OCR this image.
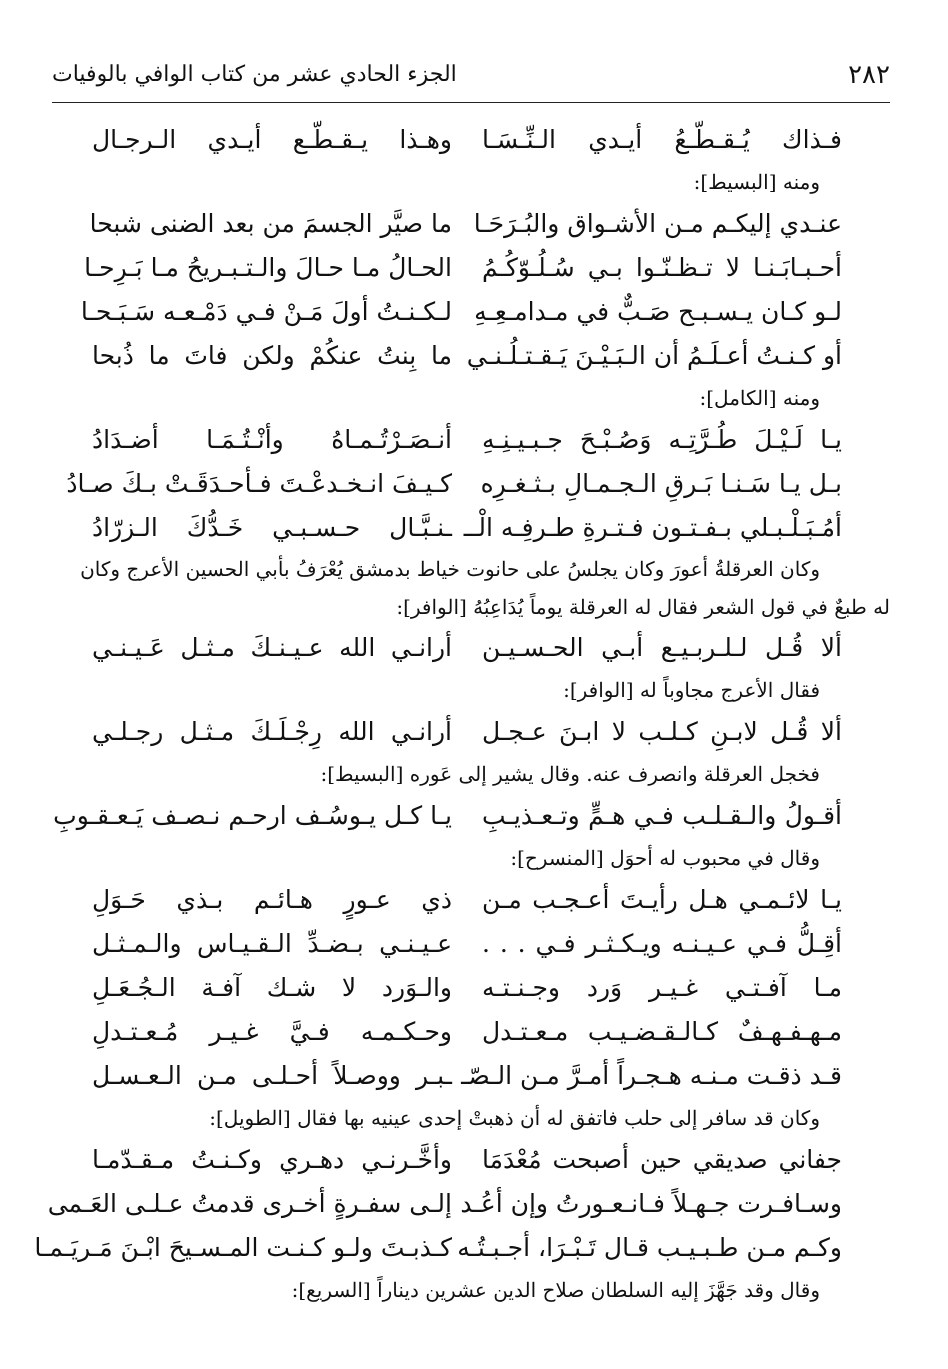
٢٨٢
الجزء الحادي عشر من كتاب الوافي بالوفيات
فـذاك يُـقـطّـعُ أيـدي الـنِّـسَـا
وهـذا يـقـطّـع أيـدي الـرجـال
ومنه [البسيط]:
عنـدي إليكـم مـن الأشـواق والبُـرَحَـا
ما صيَّر الجسمَ من بعد الضنى شبحا
أحـبـابَـنـا لا تـظـنّـوا بـي سُـلُـوّكُـمُ
الحـالُ مـا حـالَ والـتـبـريحُ مـا بَـرِحـا
لـو كـان يـسـبـح صَـبٌّ في مـدامـعِـهِ
لـكـنـتُ أولَ مَـنْ فـي دَمْـعـه سَـبَـحـا
أو كـنـتُ أعـلَـمُ أن الـبَـيْـنَ يَـقـتـلُـنـي
ما بِنتُ عنكُمْ ولكن فاتَ ما ذُبحا
ومنه [الكامل]:
يـا لَـيْـلَ طُـرَّتِـه وَصُـبْـحَ جـبـيـنِـهِ
أنـصَـرْتُـمـاهُ وأنْـتُـمَـا أضـدَادُ
بـل يـا سَـنـا بَـرقِ الـجـمـالِ بـثـغـرِه
كـيـفَ انـخـدعْـتَ فـأحـدَقَـتْ بـكَ صـادُ
أمُـبَـلْـبـلي بـفـتـون فـتـرةِ طـرفِـه الْــ
ـنـبَّـال حـسـبـي خَـدُّكَ الـزرّادُ
وكان العرقلةُ أعورَ وكان يجلسُ على حانوت خياط بدمشق يُعْرَفُ بأبي الحسين الأعرج وكان
له طبعٌ في قول الشعر فقال له العرقلة يوماً يُدَاعِبُهُ [الوافر]:
ألا قُـل لـلـربـيـع أبـي الحـسـيـن
أرانـي الله عـيـنـكَ مـثـل عَـيـنـي
فقال الأعرج مجاوباً له [الوافر]:
ألا قُـل لابـنِ كـلـب لا ابـنَ عـجـل
أرانـي الله رِجْـلَـكَ مـثـل رجـلـي
فخجل العرقلة وانصرف عنه. وقال يشير إلى عَوره [البسيط]:
أقـولُ والـقـلـب فـي هـمٍّ وتـعـذيـبِ
يـا كـل يـوسُـف ارحـم نـصـف يَـعـقـوبِ
وقال في محبوب له أحوَل [المنسرح]:
يـا لائـمـي هـل رأيـتَ أعـجـب مـن
ذي عـورٍ هـائـم بـذي حَـوَلِ
أقِـلُّ فـي عـيـنـه ويـكـثـر فـي . . .
عـيـنـي بـضـدِّ الـقـيـاس والـمـثـل
مـا آفـتـي غـيـر وَرد وجـنـتـه
والـوَرد لا شـك آفـة الـجُـعَـلِ
مـهـفـهـفٌ كـالـقـضـيـب مـعـتـدل
وحـكـمـه فـيَّ غـيـر مُـعـتـدلِ
قـد ذقـت مـنـه هـجـراً أمـرَّ مـن الـصّـ
ـبـر ووصـلاً أحـلـى مـن الـعـسـل
وكان قد سافر إلى حلب فاتفق له أن ذهبتْ إحدى عينيه بها فقال [الطويل]:
جفاني صديقي حين أصبحت مُعْدَمَا
وأخَّـرنـي دهـري وكـنـتُ مـقـدّمـا
وسـافـرت جـهـلاً فـانـعـورتُ وإن أعُـد
إلـى سفـرةٍ أخـرى قدمتُ عـلـى العَـمى
وكـم مـن طـبـيـب قـال تَـبْـرَا، أجـبـتُـه
كـذبـتَ ولـو كـنـت المـسـيحَ ابْـنَ مَـريَـمـا
وقال وقد جَهَّزَ إليه السلطان صلاح الدين عشرين ديناراً [السريع]:
